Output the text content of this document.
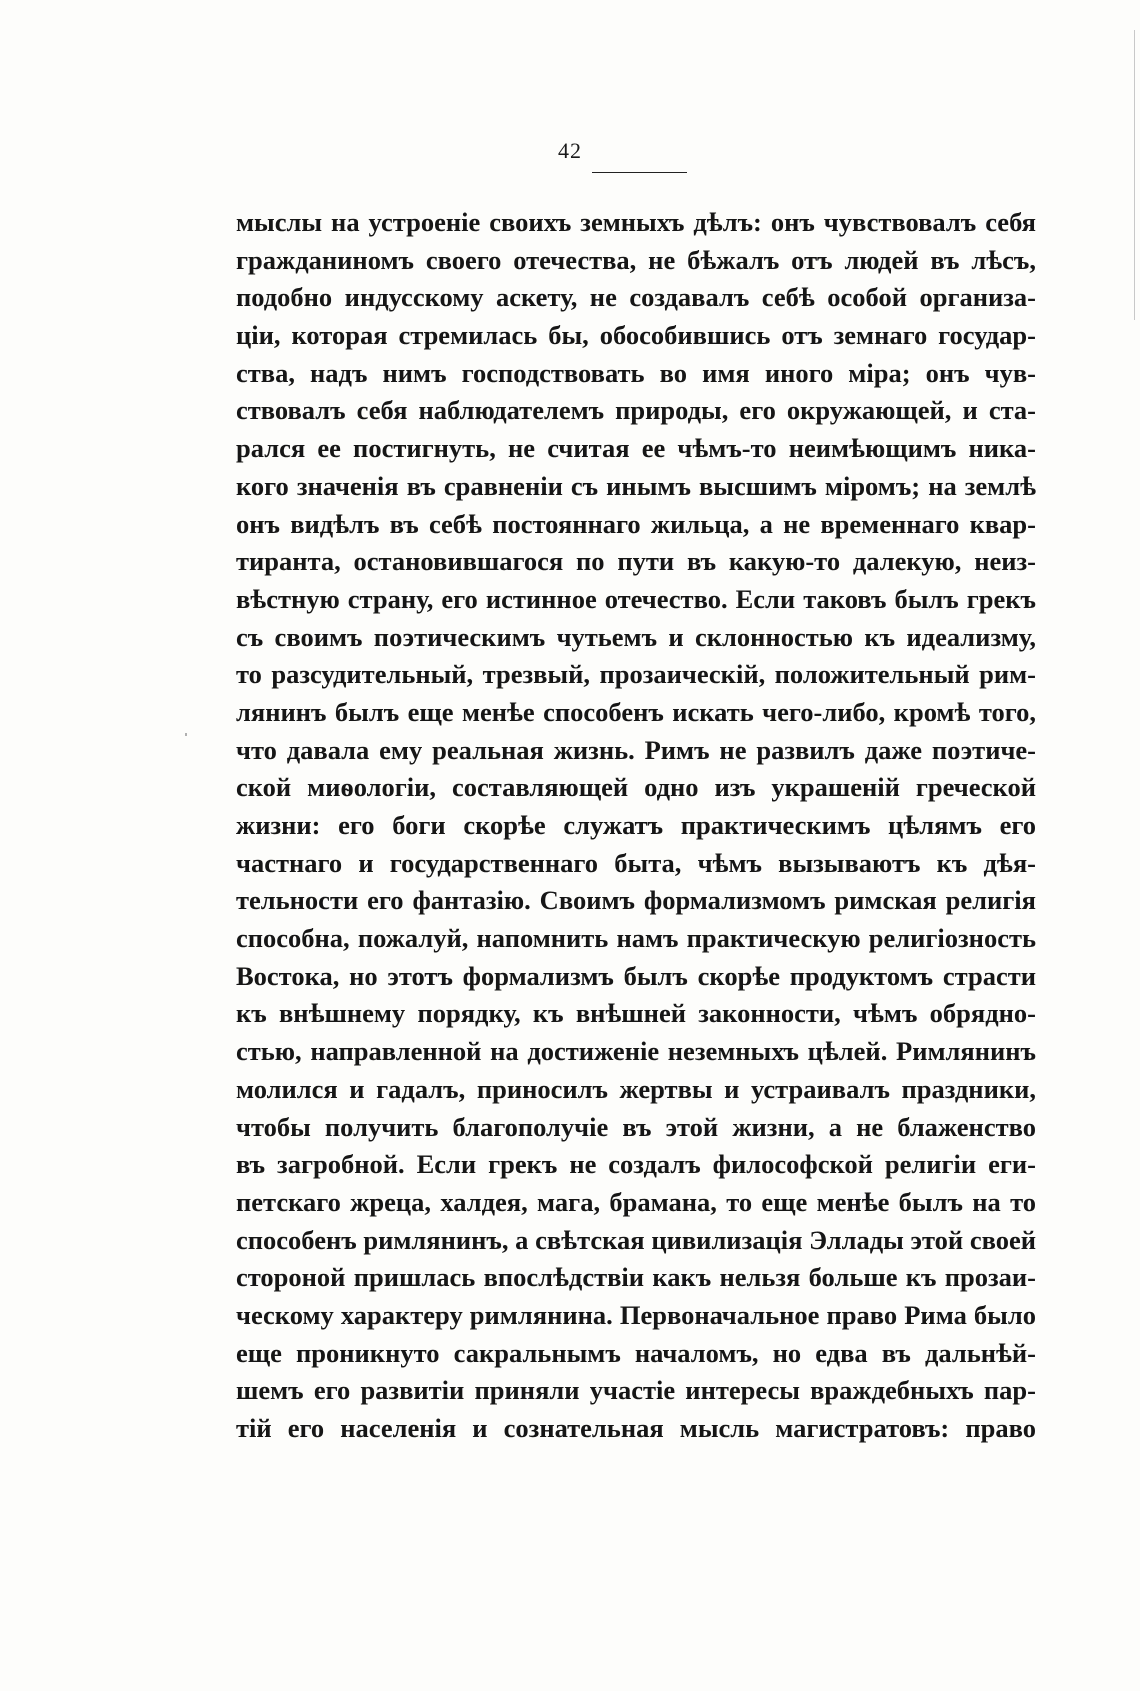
42
мыслы на устроеніе своихъ земныхъ дѣлъ: онъ чувствовалъ себя
гражданиномъ своего отечества, не бѣжалъ отъ людей въ лѣсъ,
подобно индусскому аскету, не создавалъ себѣ особой организа-
ціи, которая стремилась бы, обособившись отъ земнаго государ-
ства, надъ нимъ господствовать во имя иного міра; онъ чув-
ствовалъ себя наблюдателемъ природы, его окружающей, и ста-
рался ее постигнуть, не считая ее чѣмъ-то неимѣющимъ ника-
кого значенія въ сравненіи съ инымъ высшимъ міромъ; на землѣ
онъ видѣлъ въ себѣ постояннаго жильца, а не временнаго квар-
тиранта, остановившагося по пути въ какую-то далекую, неиз-
вѣстную страну, его истинное отечество. Если таковъ былъ грекъ
съ своимъ поэтическимъ чутьемъ и склонностью къ идеализму,
то разсудительный, трезвый, прозаическій, положительный рим-
лянинъ былъ еще менѣе способенъ искать чего-либо, кромѣ того,
что давала ему реальная жизнь. Римъ не развилъ даже поэтиче-
ской миѳологіи, составляющей одно изъ украшеній греческой
жизни: его боги скорѣе служатъ практическимъ цѣлямъ его
частнаго и государственнаго быта, чѣмъ вызываютъ къ дѣя-
тельности его фантазію. Своимъ формализмомъ римская религія
способна, пожалуй, напомнить намъ практическую религіозность
Востока, но этотъ формализмъ былъ скорѣе продуктомъ страсти
къ внѣшнему порядку, къ внѣшней законности, чѣмъ обрядно-
стью, направленной на достиженіе неземныхъ цѣлей. Римлянинъ
молился и гадалъ, приносилъ жертвы и устраивалъ праздники,
чтобы получить благополучіе въ этой жизни, а не блаженство
въ загробной. Если грекъ не создалъ философской религіи еги-
петскаго жреца, халдея, мага, брамана, то еще менѣе былъ на то
способенъ римлянинъ, а свѣтская цивилизація Эллады этой своей
стороной пришлась впослѣдствіи какъ нельзя больше къ прозаи-
ческому характеру римлянина. Первоначальное право Рима было
еще проникнуто сакральнымъ началомъ, но едва въ дальнѣй-
шемъ его развитіи приняли участіе интересы враждебныхъ пар-
тій его населенія и сознательная мысль магистратовъ: право
